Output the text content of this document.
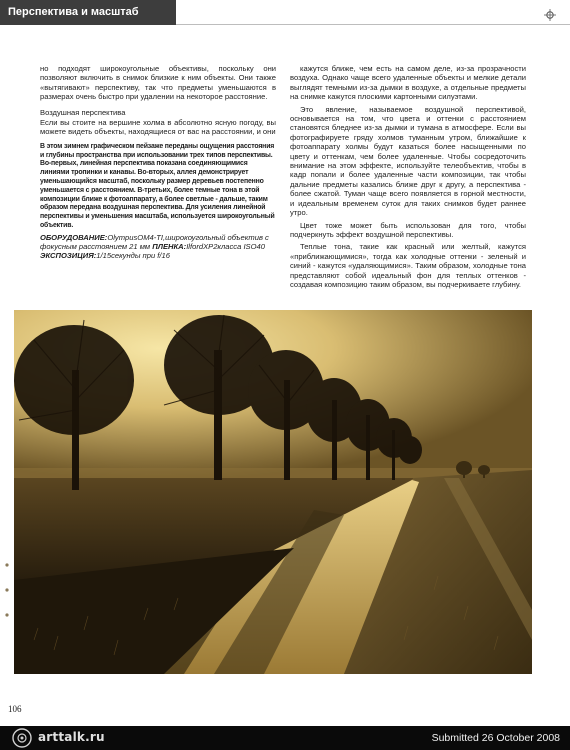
Перспектива и масштаб

но подходят широкоугольные объективы, поскольку они позволяют включить в снимок близкие к ним объекты. Они также «вытягивают» перспективу, так что предметы уменьшаются в размерах очень быстро при удалении на некоторое расстояние.

Воздушная перспектива

Если вы стоите на вершине холма в абсолютно ясную погоду, вы можете видеть объекты, находящиеся от вас на расстоянии, и они

В этом зимнем графическом пейзаже переданы ощущения расстояния и глубины пространства при использовании трех типов перспективы. Во-первых, линейная перспектива показана соединяющимися линиями тропинки и канавы. Во-вторых, аллея демонстрирует уменьшающийся масштаб, поскольку размер деревьев постепенно уменьшается с расстоянием. В-третьих, более темные тона в этой композиции ближе к фотоаппарату, а более светлые - дальше, таким образом передана воздушная перспектива. Для усиления линейной перспективы и уменьшения масштаба, используется широкоугольный объектив.
ОБОРУДОВАНИЕ:OlympusOM4-TI,широкоугольный объектив с фокусным расстоянием 21 мм ПЛЕНКА:IlfordXP2класса ISO40 ЭКСПОЗИЦИЯ:1/15секунды при f/16

кажутся ближе, чем есть на самом деле, из-за прозрачности воздуха. Однако чаще всего удаленные объекты и мелкие детали выглядят темными из-за дымки в воздухе, а отдельные предметы на снимке кажутся плоскими картонными силуэтами.

Это явление, называемое воздушной перспективой, основывается на том, что цвета и оттенки с расстоянием становятся бледнее из-за дымки и тумана в атмосфере. Если вы фотографируете гряду холмов туманным утром, ближайшие к фотоаппарату холмы будут казаться более насыщенными по цвету и оттенкам, чем более удаленные. Чтобы сосредоточить внимание на этом эффекте, используйте телеобъектив, чтобы в кадр попали и более удаленные части композиции, так чтобы дальние предметы казались ближе друг к другу, а перспектива - более сжатой. Туман чаще всего появляется в горной местности, и идеальным временем суток для таких снимков будет раннее утро.

Цвет тоже может быть использован для того, чтобы подчеркнуть эффект воздушной перспективы.

Теплые тона, такие как красный или желтый, кажутся «приближающимися», тогда как холодные оттенки - зеленый и синий - кажутся «удаляющимися». Таким образом, холодные тона представляют собой идеальный фон для теплых оттенков - создавая композицию таким образом, вы подчеркиваете глубину.

106
arttalk.ru	Submitted 26 October 2008
